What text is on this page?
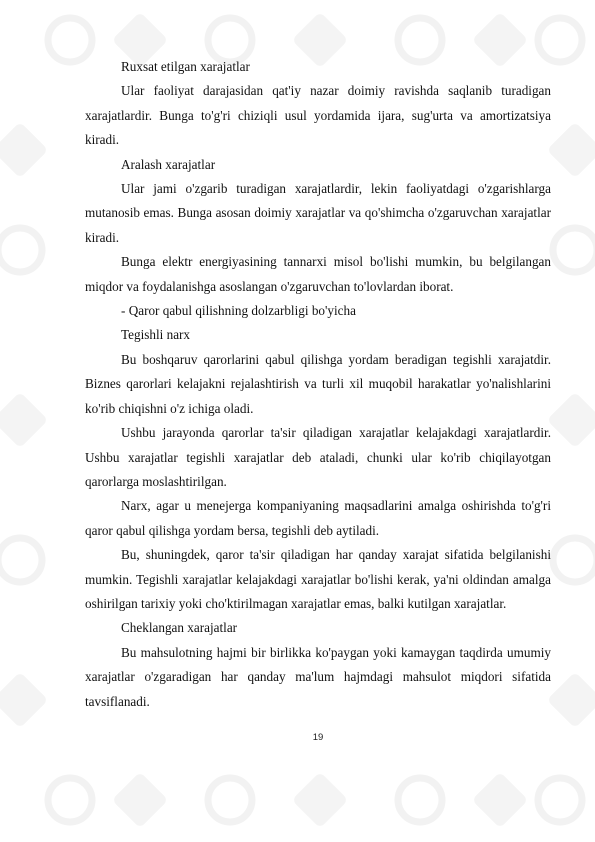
Ruxsat etilgan xarajatlar

Ular faoliyat darajasidan qat'iy nazar doimiy ravishda saqlanib turadigan xarajatlardir. Bunga to'g'ri chiziqli usul yordamida ijara, sug'urta va amortizatsiya kiradi.

Aralash xarajatlar

Ular jami o'zgarib turadigan xarajatlardir, lekin faoliyatdagi o'zgarishlarga mutanosib emas. Bunga asosan doimiy xarajatlar va qo'shimcha o'zgaruvchan xarajatlar kiradi.

Bunga elektr energiyasining tannarxi misol bo'lishi mumkin, bu belgilangan miqdor va foydalanishga asoslangan o'zgaruvchan to'lovlardan iborat.

- Qaror qabul qilishning dolzarbligi bo'yicha

Tegishli narx

Bu boshqaruv qarorlarini qabul qilishga yordam beradigan tegishli xarajatdir. Biznes qarorlari kelajakni rejalashtirish va turli xil muqobil harakatlar yo'nalishlarini ko'rib chiqishni o'z ichiga oladi.

Ushbu jarayonda qarorlar ta'sir qiladigan xarajatlar kelajakdagi xarajatlardir. Ushbu xarajatlar tegishli xarajatlar deb ataladi, chunki ular ko'rib chiqilayotgan qarorlarga moslashtirilgan.

Narx, agar u menejerga kompaniyaning maqsadlarini amalga oshirishda to'g'ri qaror qabul qilishga yordam bersa, tegishli deb aytiladi.

Bu, shuningdek, qaror ta'sir qiladigan har qanday xarajat sifatida belgilanishi mumkin. Tegishli xarajatlar kelajakdagi xarajatlar bo'lishi kerak, ya'ni oldindan amalga oshirilgan tarixiy yoki cho'ktirilmagan xarajatlar emas, balki kutilgan xarajatlar.

Cheklangan xarajatlar

Bu mahsulotning hajmi bir birlikka ko'paygan yoki kamaygan taqdirda umumiy xarajatlar o'zgaradigan har qanday ma'lum hajmdagi mahsulot miqdori sifatida tavsiflanadi.

19
